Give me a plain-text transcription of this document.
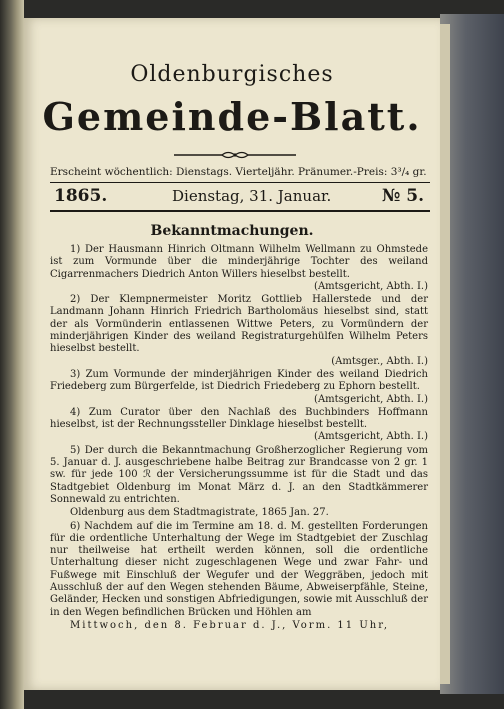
Oldenburgisches
Gemeinde-Blatt.
Erscheint wöchentlich: Dienstags. Vierteljähr. Pränumer.-Preis: 3³/₄ gr.
1865.	Dienstag, 31. Januar.	№ 5.
Bekanntmachungen.

1) Der Hausmann Hinrich Oltmann Wilhelm Wellmann zu Ohmstede ist zum Vormunde über die minderjährige Tochter des weiland Cigarrenmachers Diedrich Anton Willers hieselbst bestellt.
(Amtsgericht, Abth. I.)

2) Der Klempnermeister Moritz Gottlieb Hallerstede und der Landmann Johann Hinrich Friedrich Bartholomäus hieselbst sind, statt der als Vormünderin entlassenen Wittwe Peters, zu Vormündern der minderjährigen Kinder des weiland Registraturgehülfen Wilhelm Peters hieselbst bestellt.
(Amtsger., Abth. I.)

3) Zum Vormunde der minderjährigen Kinder des weiland Diedrich Friedeberg zum Bürgerfelde, ist Diedrich Friedeberg zu Ephorn bestellt.
(Amtsgericht, Abth. I.)

4) Zum Curator über den Nachlaß des Buchbinders Hoffmann hieselbst, ist der Rechnungssteller Dinklage hieselbst bestellt.
(Amtsgericht, Abth. I.)

5) Der durch die Bekanntmachung Großherzoglicher Regierung vom 5. Januar d. J. ausgeschriebene halbe Beitrag zur Brandcasse von 2 gr. 1 sw. für jede 100 ℛ der Versicherungssumme ist für die Stadt und das Stadtgebiet Oldenburg im Monat März d. J. an den Stadtkämmerer Sonnewald zu entrichten.

Oldenburg aus dem Stadtmagistrate, 1865 Jan. 27.

6) Nachdem auf die im Termine am 18. d. M. gestellten Forderungen für die ordentliche Unterhaltung der Wege im Stadtgebiet der Zuschlag nur theilweise hat ertheilt werden können, soll die ordentliche Unterhaltung dieser nicht zugeschlagenen Wege und zwar Fahr- und Fußwege mit Einschluß der Wegufer und der Weggräben, jedoch mit Ausschluß der auf den Wegen stehenden Bäume, Abweiserpfähle, Steine, Geländer, Hecken und sonstigen Abfriedigungen, sowie mit Ausschluß der in den Wegen befindlichen Brücken und Höhlen am

Mittwoch, den 8. Februar d. J., Vorm. 11 Uhr,
